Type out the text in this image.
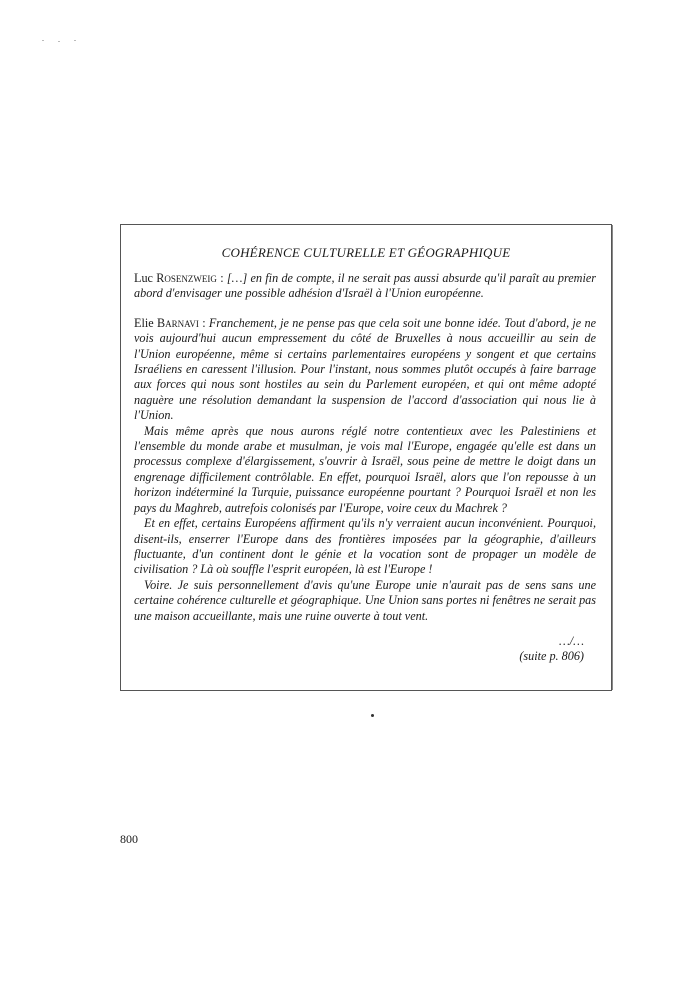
COHÉRENCE CULTURELLE ET GÉOGRAPHIQUE

Luc Rosenzweig : […] en fin de compte, il ne serait pas aussi absurde qu'il paraît au premier abord d'envisager une possible adhésion d'Israël à l'Union européenne.

Elie Barnavi : Franchement, je ne pense pas que cela soit une bonne idée. Tout d'abord, je ne vois aujourd'hui aucun empressement du côté de Bruxelles à nous accueillir au sein de l'Union européenne, même si certains parlementaires européens y songent et que certains Israéliens en caressent l'illusion. Pour l'instant, nous sommes plutôt occupés à faire barrage aux forces qui nous sont hostiles au sein du Parlement européen, et qui ont même adopté naguère une résolution demandant la suspension de l'accord d'association qui nous lie à l'Union.

Mais même après que nous aurons réglé notre contentieux avec les Palestiniens et l'ensemble du monde arabe et musulman, je vois mal l'Europe, engagée qu'elle est dans un processus complexe d'élargissement, s'ouvrir à Israël, sous peine de mettre le doigt dans un engrenage difficilement contrôlable. En effet, pourquoi Israël, alors que l'on repousse à un horizon indéterminé la Turquie, puissance européenne pourtant ? Pourquoi Israël et non les pays du Maghreb, autrefois colonisés par l'Europe, voire ceux du Machrek ?

Et en effet, certains Européens affirment qu'ils n'y verraient aucun inconvénient. Pourquoi, disent-ils, enserrer l'Europe dans des frontières imposées par la géographie, d'ailleurs fluctuante, d'un continent dont le génie et la vocation sont de propager un modèle de civilisation ? Là où souffle l'esprit européen, là est l'Europe !

Voire. Je suis personnellement d'avis qu'une Europe unie n'aurait pas de sens sans une certaine cohérence culturelle et géographique. Une Union sans portes ni fenêtres ne serait pas une maison accueillante, mais une ruine ouverte à tout vent.

…/…
(suite p. 806)
800
